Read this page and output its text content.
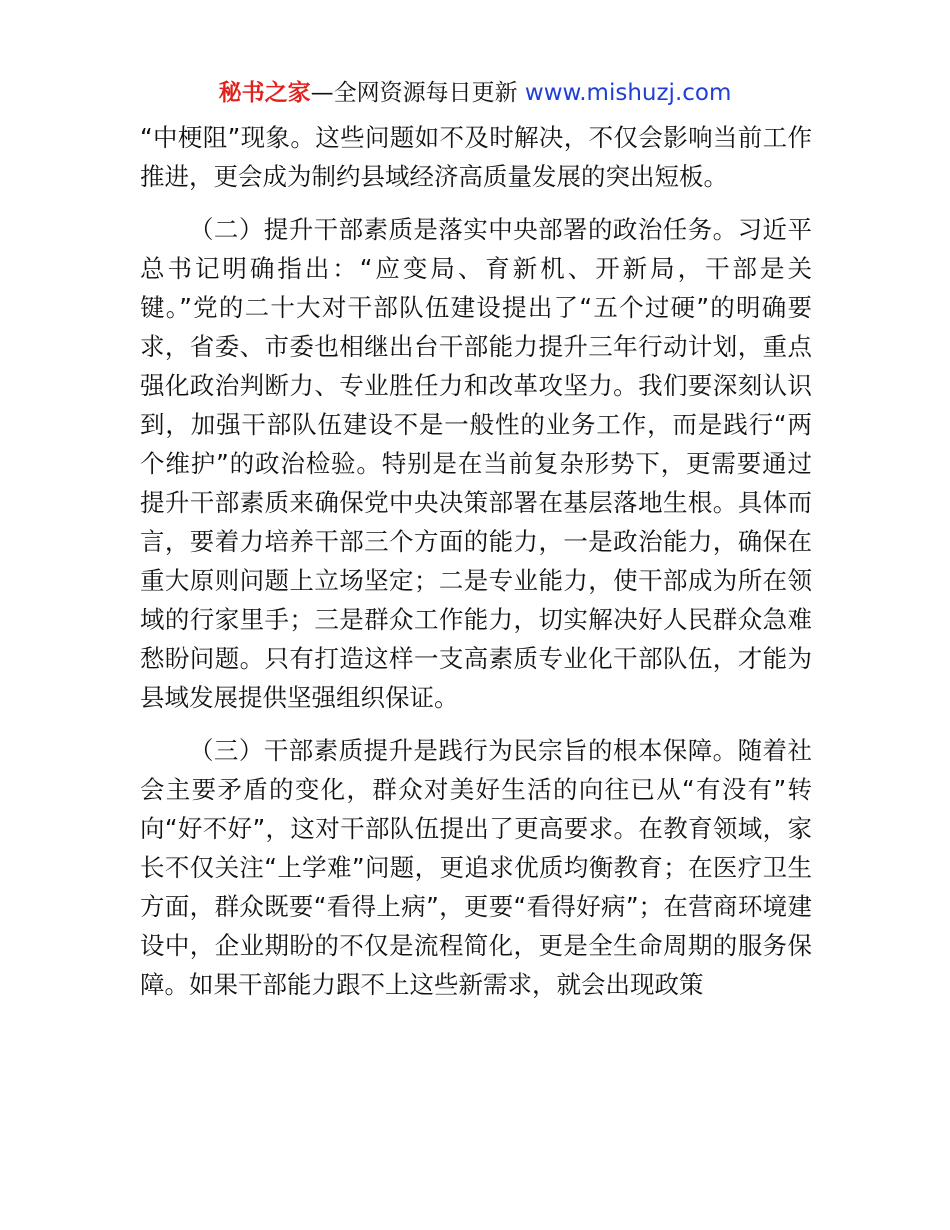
秘书之家—全网资源每日更新 www.mishuzj.com

“中梗阻”现象。这些问题如不及时解决，不仅会影响当前工作推进，更会成为制约县域经济高质量发展的突出短板。

（二）提升干部素质是落实中央部署的政治任务。习近平总书记明确指出：“应变局、育新机、开新局，干部是关键。”党的二十大对干部队伍建设提出了“五个过硬”的明确要求，省委、市委也相继出台干部能力提升三年行动计划，重点强化政治判断力、专业胜任力和改革攻坚力。我们要深刻认识到，加强干部队伍建设不是一般性的业务工作，而是践行“两个维护”的政治检验。特别是在当前复杂形势下，更需要通过提升干部素质来确保党中央决策部署在基层落地生根。具体而言，要着力培养干部三个方面的能力，一是政治能力，确保在重大原则问题上立场坚定；二是专业能力，使干部成为所在领域的行家里手；三是群众工作能力，切实解决好人民群众急难愁盼问题。只有打造这样一支高素质专业化干部队伍，才能为县域发展提供坚强组织保证。

（三）干部素质提升是践行为民宗旨的根本保障。随着社会主要矛盾的变化，群众对美好生活的向往已从“有没有”转向“好不好”，这对干部队伍提出了更高要求。在教育领域，家长不仅关注“上学难”问题，更追求优质均衡教育；在医疗卫生方面，群众既要“看得上病”，更要“看得好病”；在营商环境建设中，企业期盼的不仅是流程简化，更是全生命周期的服务保障。如果干部能力跟不上这些新需求，就会出现政策
